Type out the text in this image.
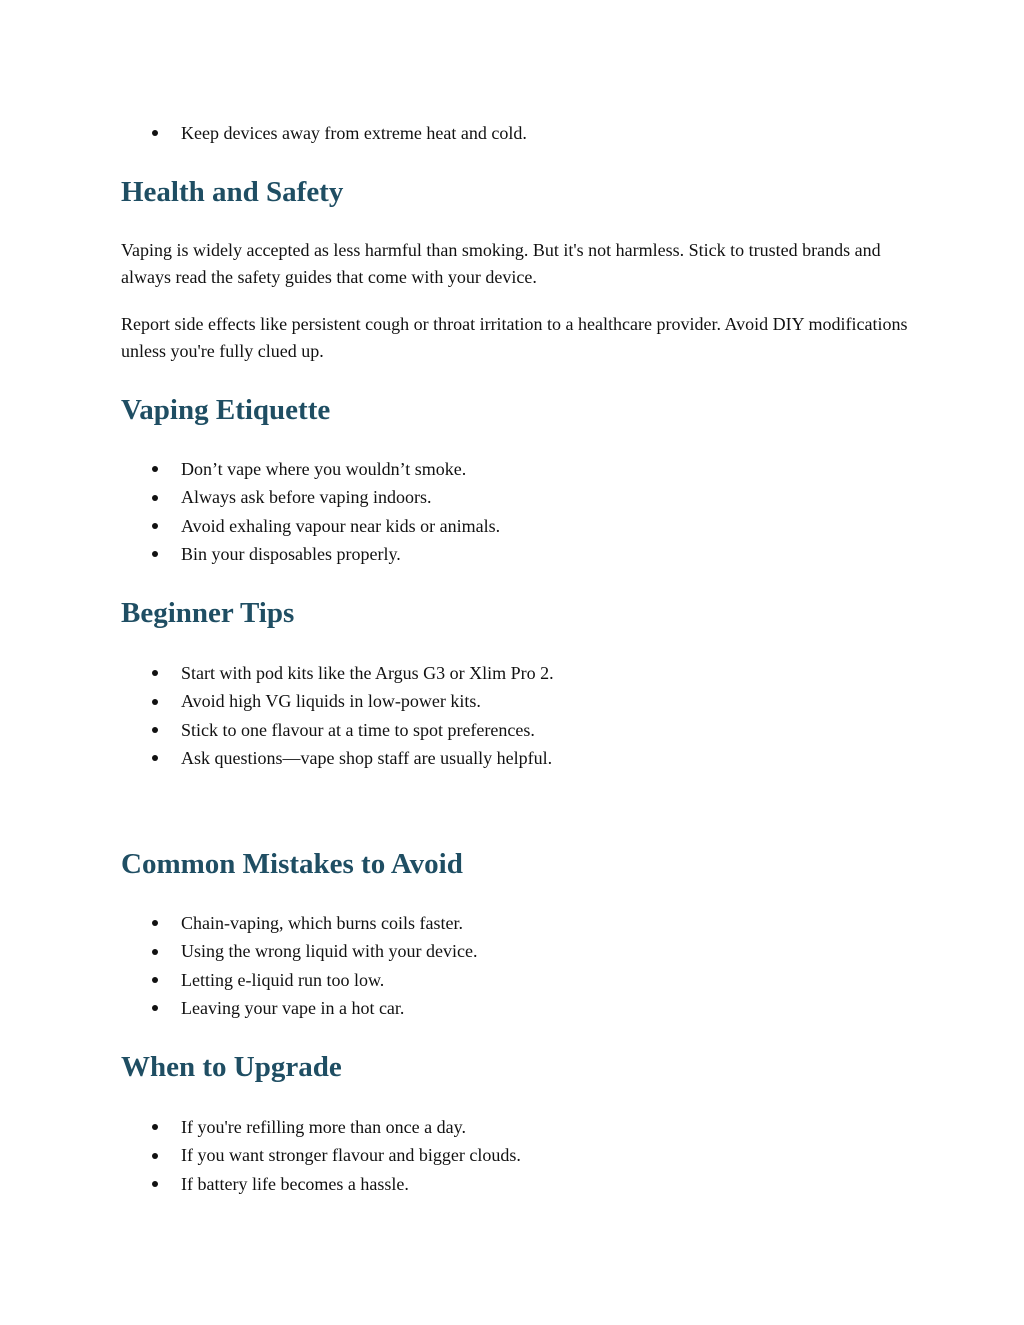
Keep devices away from extreme heat and cold.
Health and Safety

Vaping is widely accepted as less harmful than smoking. But it's not harmless. Stick to trusted brands and always read the safety guides that come with your device.

Report side effects like persistent cough or throat irritation to a healthcare provider. Avoid DIY modifications unless you're fully clued up.

Vaping Etiquette
Don’t vape where you wouldn’t smoke.
Always ask before vaping indoors.
Avoid exhaling vapour near kids or animals.
Bin your disposables properly.
Beginner Tips
Start with pod kits like the Argus G3 or Xlim Pro 2.
Avoid high VG liquids in low-power kits.
Stick to one flavour at a time to spot preferences.
Ask questions—vape shop staff are usually helpful.
Common Mistakes to Avoid
Chain-vaping, which burns coils faster.
Using the wrong liquid with your device.
Letting e-liquid run too low.
Leaving your vape in a hot car.
When to Upgrade
If you're refilling more than once a day.
If you want stronger flavour and bigger clouds.
If battery life becomes a hassle.
